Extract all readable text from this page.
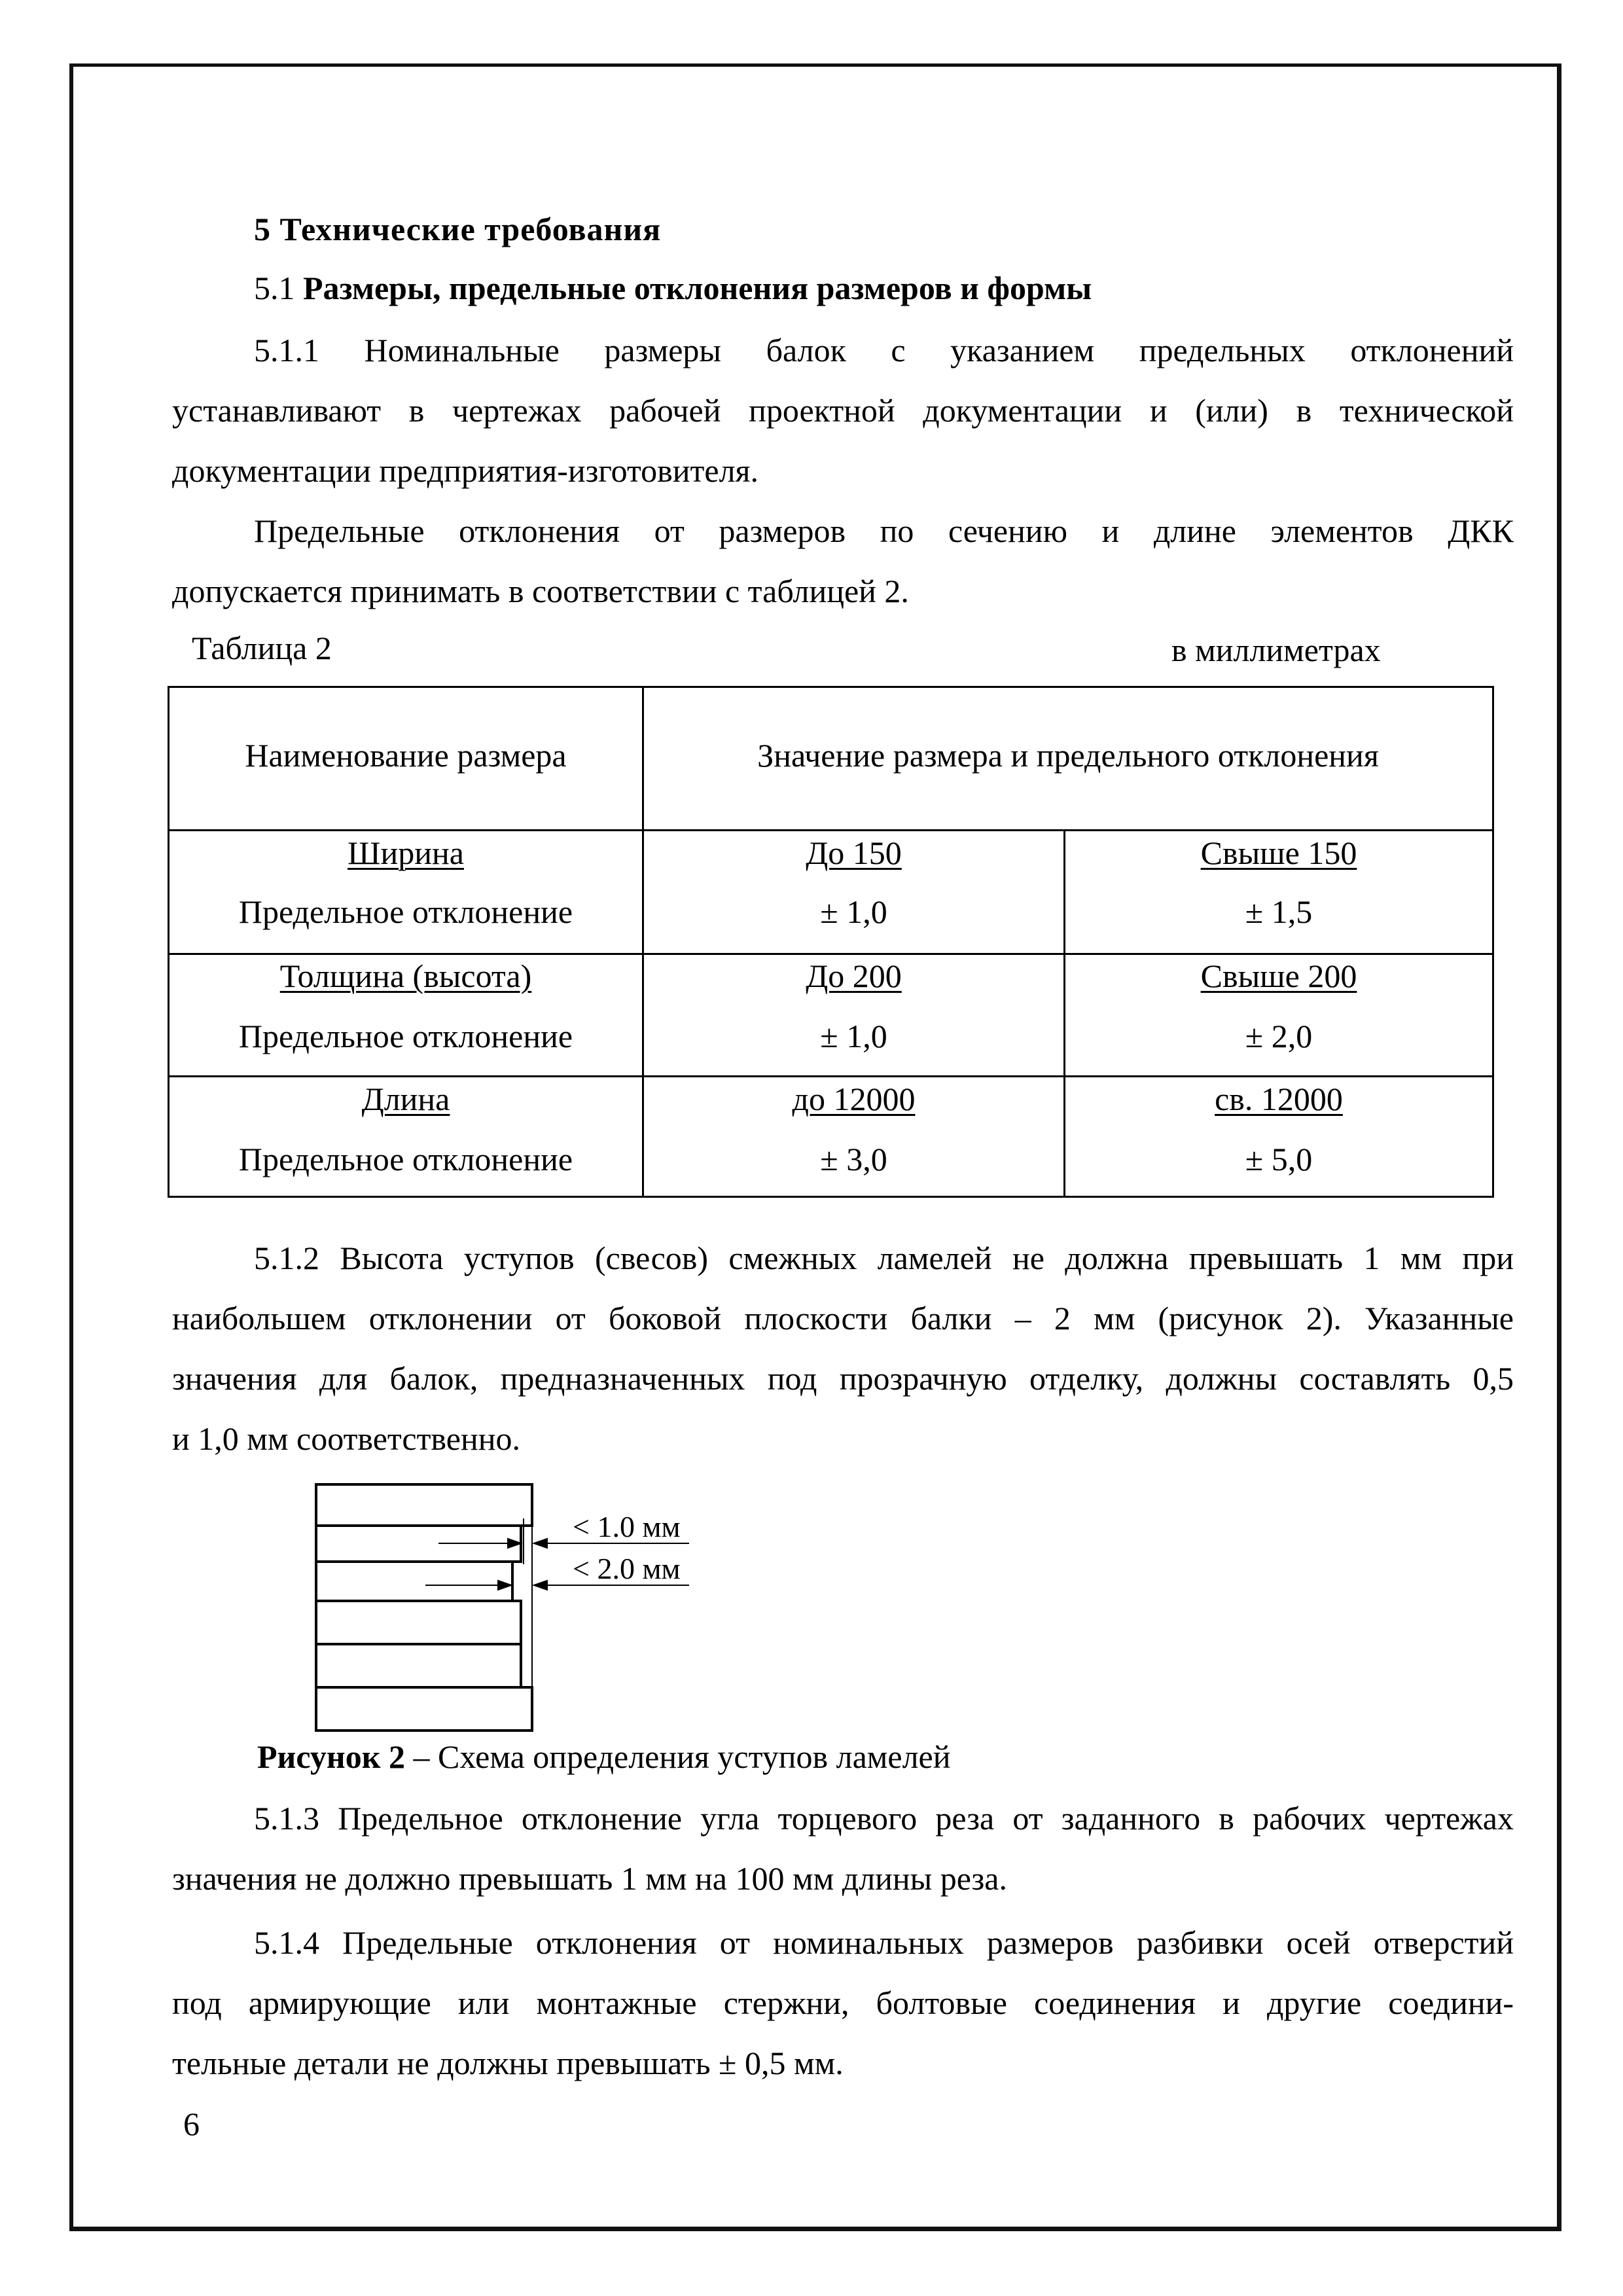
5 Технические требования
5.1 Размеры, предельные отклонения размеров и формы
5.1.1 Номинальные размеры балок с указанием предельных отклонений
устанавливают в чертежах рабочей проектной документации и (или) в технической
документации предприятия-изготовителя.
Предельные отклонения от размеров по сечению и длине элементов ДКК
допускается принимать в соответствии с таблицей 2.
Таблица 2	в миллиметрах
Наименование размера	Значение размера и предельного отклонения
Ширина
Предельное отклонение
До 150
± 1,0
Свыше 150
± 1,5
Толщина (высота)
Предельное отклонение
До 200
± 1,0
Свыше 200
± 2,0
Длина
Предельное отклонение
до 12000
± 3,0
св. 12000
± 5,0
5.1.2 Высота уступов (свесов) смежных ламелей не должна превышать 1 мм при
наибольшем отклонении от боковой плоскости балки – 2 мм (рисунок 2). Указанные
значения для балок, предназначенных под прозрачную отделку, должны составлять 0,5
и 1,0 мм соответственно.
< 1.0 мм
< 2.0 мм
Рисунок 2 – Схема определения уступов ламелей
5.1.3 Предельное отклонение угла торцевого реза от заданного в рабочих чертежах
значения не должно превышать 1 мм на 100 мм длины реза.
5.1.4 Предельные отклонения от номинальных размеров разбивки осей отверстий
под армирующие или монтажные стержни, болтовые соединения и другие соедини-
тельные детали не должны превышать ± 0,5 мм.
6
